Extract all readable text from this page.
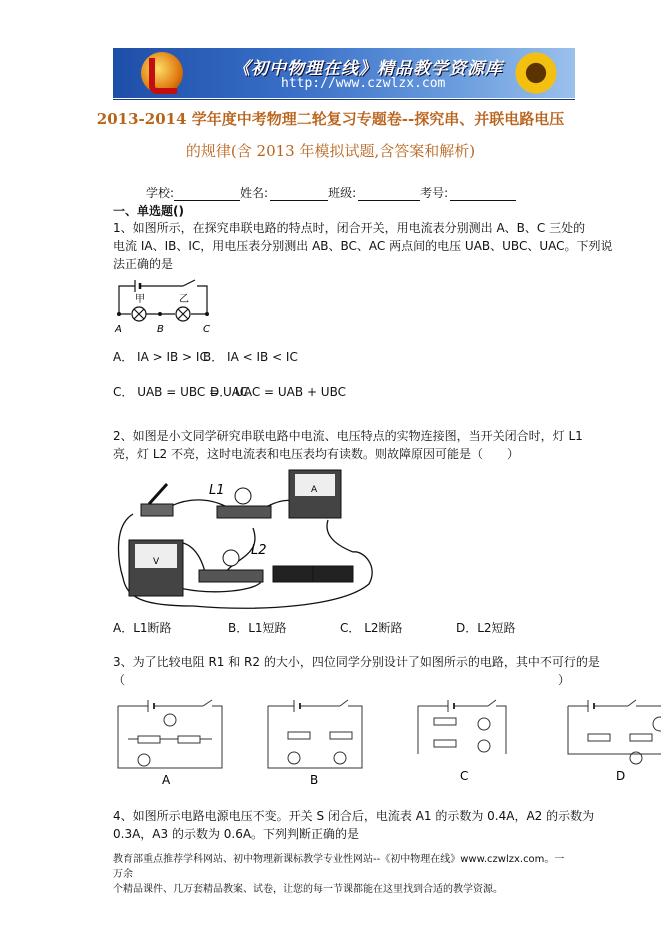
《初中物理在线》精品教学资源库
http://www.czwlzx.com
2013-2014 学年度中考物理二轮复习专题卷--探究串、并联电路电压
的规律(含 2013 年模拟试题,含答案和解析)
学校:	姓名:	班级:	考号:
一、单选题()
1、如图所示，在探究串联电路的特点时，闭合开关，用电流表分别测出 A、B、C 三处的
电流 IA、IB、IC，用电压表分别测出 AB、BC、AC 两点间的电压 UAB、UBC、UAC。下列说
法正确的是
甲	乙
A	B	C
A． IA > IB > IC
B． IA < IB < IC
C． UAB = UBC = UAC
D． UAC = UAB + UBC
2、如图是小文同学研究串联电路中电流、电压特点的实物连接图，当开关闭合时，灯 L1
亮，灯 L2 不亮，这时电流表和电压表均有读数。则故障原因可能是（　　）
L1	A
V
L2
A．L1断路	B．L1短路	C． L2断路	D．L2短路
3、为了比较电阻 R1 和 R2 的大小，四位同学分别设计了如图所示的电路，其中不可行的是
（	）
A	B	C	D
4、如图所示电路电源电压不变。开关 S 闭合后，电流表 A1 的示数为 0.4A，A2 的示数为
0.3A，A3 的示数为 0.6A。下列判断正确的是
教育部重点推荐学科网站、初中物理新课标教学专业性网站--《初中物理在线》www.czwlzx.com。一万余
个精品课件、几万套精品教案、试卷，让您的每一节课都能在这里找到合适的教学资源。
